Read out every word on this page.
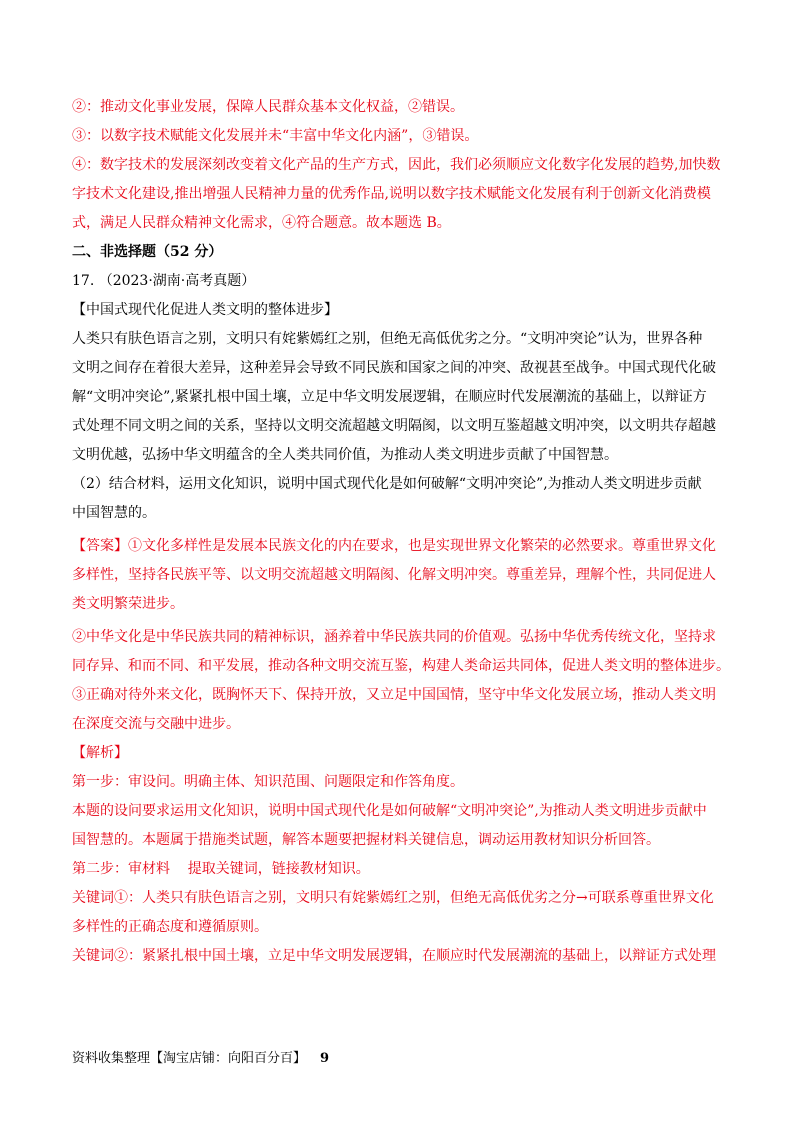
②：推动文化事业发展，保障人民群众基本文化权益，②错误。
③：以数字技术赋能文化发展并未“丰富中华文化内涵”，③错误。
④：数字技术的发展深刻改变着文化产品的生产方式，因此，我们必须顺应文化数字化发展的趋势,加快数
字技术文化建设,推出增强人民精神力量的优秀作品,说明以数字技术赋能文化发展有利于创新文化消费模
式，满足人民群众精神文化需求，④符合题意。故本题选 B。
二、非选择题（52 分）
17. （2023·湖南·高考真题）
【中国式现代化促进人类文明的整体进步】
人类只有肤色语言之别，文明只有姹紫嫣红之别，但绝无高低优劣之分。“文明冲突论”认为，世界各种
文明之间存在着很大差异，这种差异会导致不同民族和国家之间的冲突、敌视甚至战争。中国式现代化破
解“文明冲突论”,紧紧扎根中国土壤，立足中华文明发展逻辑，在顺应时代发展潮流的基础上，以辩证方
式处理不同文明之间的关系，坚持以文明交流超越文明隔阂，以文明互鉴超越文明冲突，以文明共存超越
文明优越，弘扬中华文明蕴含的全人类共同价值，为推动人类文明进步贡献了中国智慧。
（2）结合材料，运用文化知识，说明中国式现代化是如何破解“文明冲突论”,为推动人类文明进步贡献
中国智慧的。
【答案】①文化多样性是发展本民族文化的内在要求，也是实现世界文化繁荣的必然要求。尊重世界文化
多样性，坚持各民族平等、以文明交流超越文明隔阂、化解文明冲突。尊重差异，理解个性，共同促进人
类文明繁荣进步。
②中华文化是中华民族共同的精神标识，涵养着中华民族共同的价值观。弘扬中华优秀传统文化，坚持求
同存异、和而不同、和平发展，推动各种文明交流互鉴，构建人类命运共同体，促进人类文明的整体进步。
③正确对待外来文化，既胸怀天下、保持开放，又立足中国国情，坚守中华文化发展立场，推动人类文明
在深度交流与交融中进步。
【解析】
第一步：审设问。明确主体、知识范围、问题限定和作答角度。
本题的设问要求运用文化知识，说明中国式现代化是如何破解“文明冲突论”,为推动人类文明进步贡献中
国智慧的。本题属于措施类试题，解答本题要把握材料关键信息，调动运用教材知识分析回答。
第二步：审材料    提取关键词，链接教材知识。
关键词①：人类只有肤色语言之别，文明只有姹紫嫣红之别，但绝无高低优劣之分→可联系尊重世界文化
多样性的正确态度和遵循原则。
关键词②：紧紧扎根中国土壤，立足中华文明发展逻辑，在顺应时代发展潮流的基础上，以辩证方式处理
资料收集整理【淘宝店铺：向阳百分百】 9
